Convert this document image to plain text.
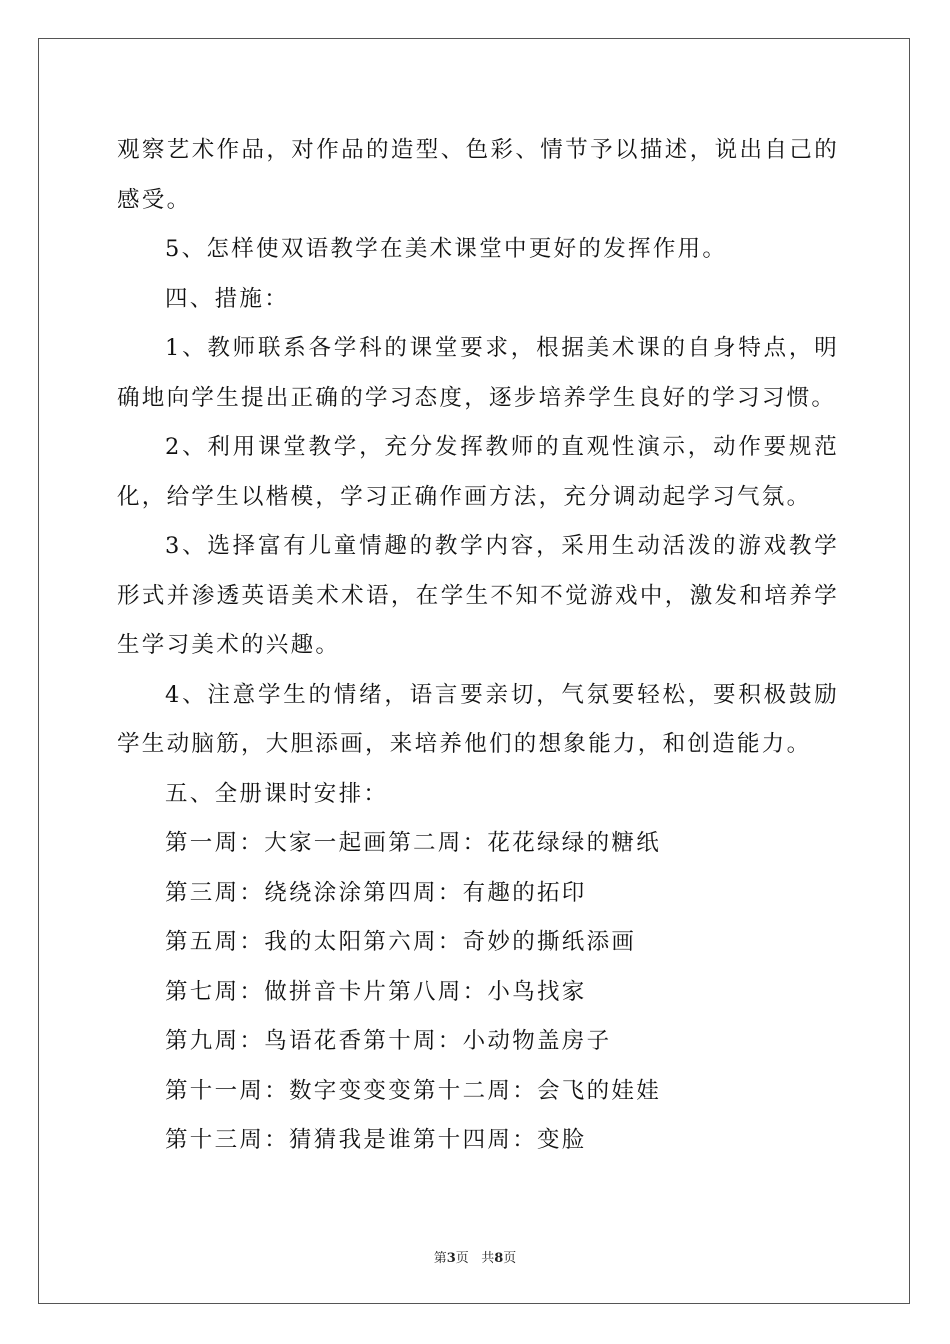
观察艺术作品，对作品的造型、色彩、情节予以描述，说出自己的感受。

5、怎样使双语教学在美术课堂中更好的发挥作用。

四、措施：

1、教师联系各学科的课堂要求，根据美术课的自身特点，明确地向学生提出正确的学习态度，逐步培养学生良好的学习习惯。

2、利用课堂教学，充分发挥教师的直观性演示，动作要规范化，给学生以楷模，学习正确作画方法，充分调动起学习气氛。

3、选择富有儿童情趣的教学内容，采用生动活泼的游戏教学形式并渗透英语美术术语，在学生不知不觉游戏中，激发和培养学生学习美术的兴趣。

4、注意学生的情绪，语言要亲切，气氛要轻松，要积极鼓励学生动脑筋，大胆添画，来培养他们的想象能力，和创造能力。

五、全册课时安排：

第一周：大家一起画第二周：花花绿绿的糖纸

第三周：绕绕涂涂第四周：有趣的拓印

第五周：我的太阳第六周：奇妙的撕纸添画

第七周：做拼音卡片第八周：小鸟找家

第九周：鸟语花香第十周：小动物盖房子

第十一周：数字变变变第十二周：会飞的娃娃

第十三周：猜猜我是谁第十四周：变脸

第3页 共8页
